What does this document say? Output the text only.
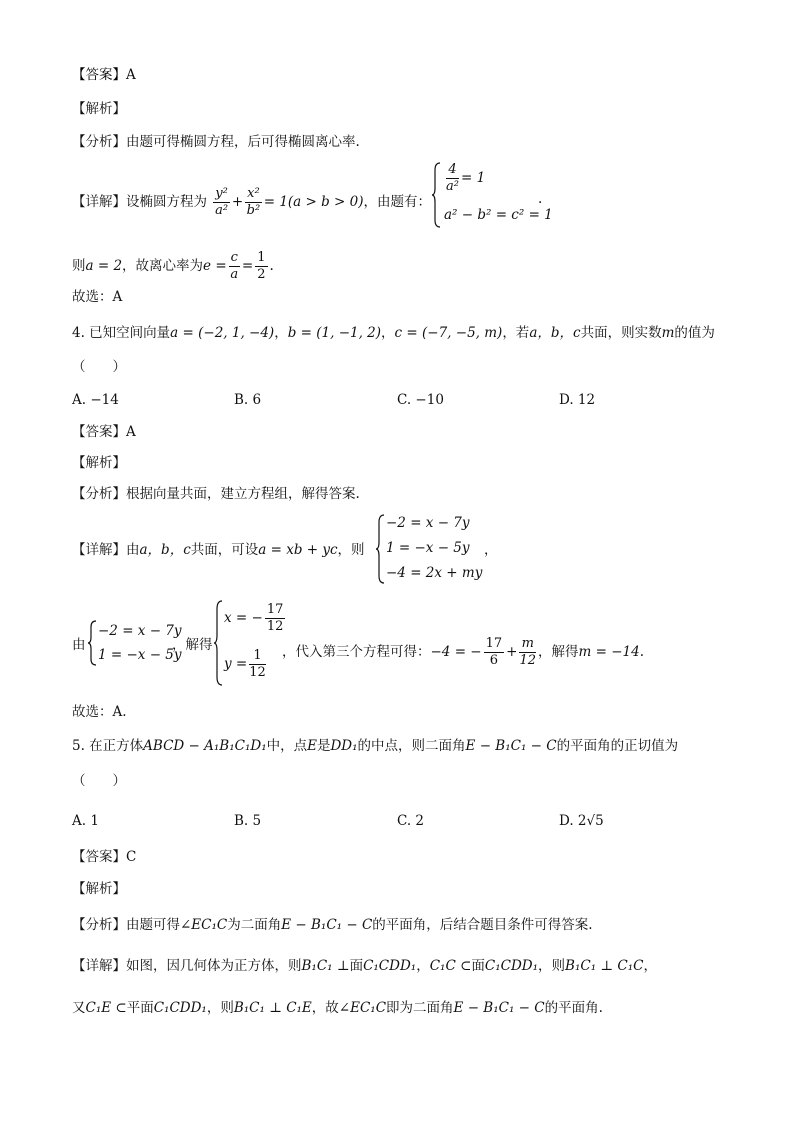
【答案】A
【解析】
【分析】由题可得椭圆方程，后可得椭圆离心率.
【详解】设椭圆方程为 $\frac{\text{y²}}{\text{a²}} + \frac{\text{x²}}{\text{b²}} = 1(a > b > 0)$，由题有：
$\frac{4}{\text{a²}} = 1$
a² − b² = c² = 1
.
则a = 2，故离心率为$e = \frac{c}{a} = \frac{1}{2}$ .
故选：A
4. 已知空间向量a = (−2, 1, −4)，b = (1, −1, 2)，c = (−7, −5, m)，若a，b，c共面，则实数m的值为
（　　）
A. −14	B. 6	C. −10	D. 12
【答案】A
【解析】
【分析】根据向量共面，建立方程组，解得答案.
【详解】由a，b，c共面，可设a = xb + yc，则
−2 = x − 7y
1 = −x − 5y
−4 = 2x + my
，
由
−2 = x − 7y
1 = −x − 5y
，解得
x = − $\frac{17}{12}$
$y = \frac{1}{12}$ ，代入第三个方程可得：−4 = − $\frac{17}{6} + \frac{m}{12}$ ，解得m = −14.
故选：A.
5. 在正方体ABCD − A₁B₁C₁D₁中，点E是DD₁的中点，则二面角E − B₁C₁ − C的平面角的正切值为
（　　）
A. 1	B. 5	C. 2	D. 2√5
【答案】C
【解析】
【分析】由题可得∠EC₁C为二面角E − B₁C₁ − C的平面角，后结合题目条件可得答案.
【详解】如图，因几何体为正方体，则B₁C₁ ⊥面C₁CDD₁，C₁C ⊂面C₁CDD₁，则B₁C₁ ⊥ C₁C，
又C₁E ⊂平面C₁CDD₁，则B₁C₁ ⊥ C₁E，故∠EC₁C即为二面角E − B₁C₁ − C的平面角.
